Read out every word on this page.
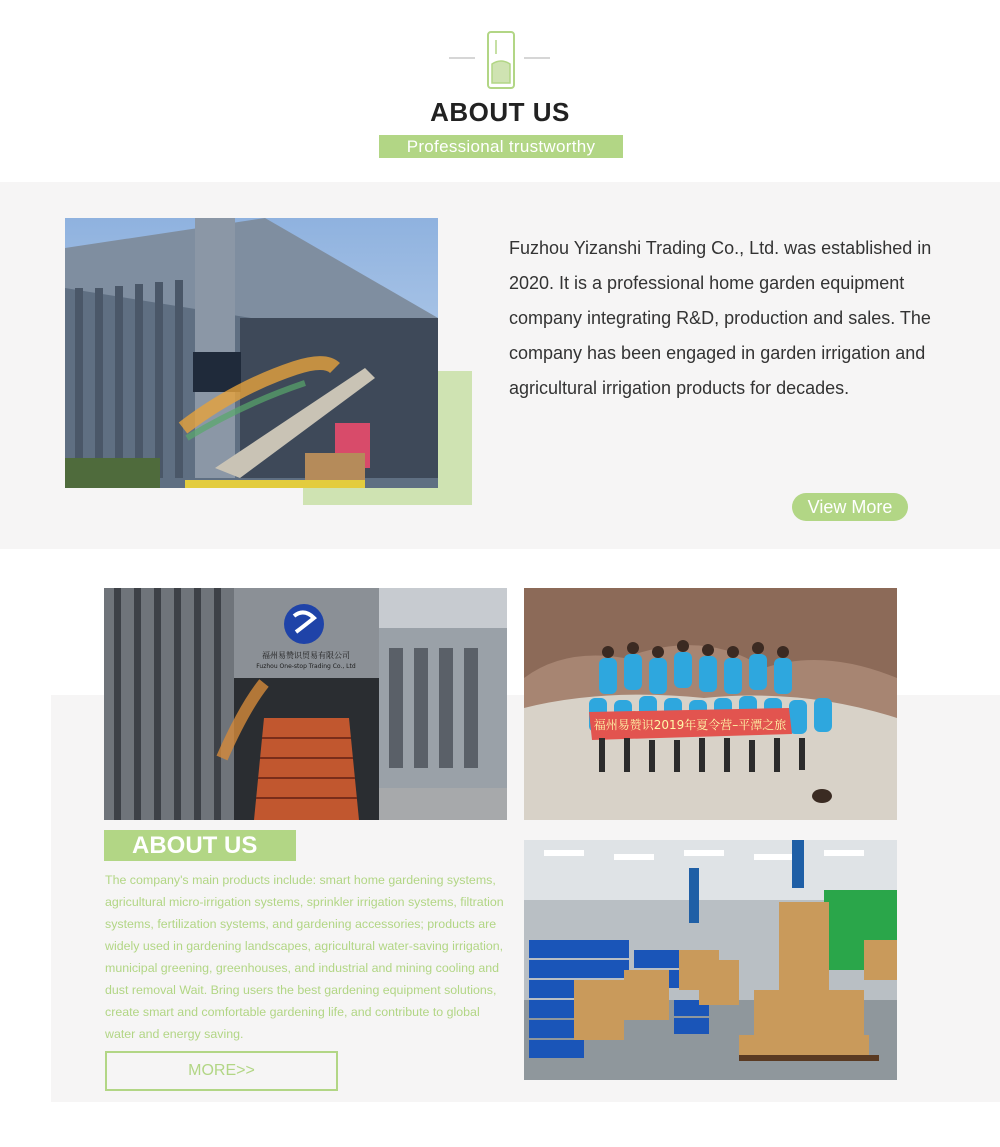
ABOUT US
Professional trustworthy
Fuzhou Yizanshi Trading Co., Ltd. was established in 2020. It is a professional home garden equipment company integrating R&D, production and sales. The company has been engaged in garden irrigation and agricultural irrigation products for decades.
View More
福州易赞识贸易有限公司
Fuzhou One-stop Trading Co., Ltd
福州易赞识2019年夏令营–平潭之旅
ABOUT US
The company's main products include: smart home gardening systems, agricultural micro-irrigation systems, sprinkler irrigation systems, filtration systems, fertilization systems, and gardening accessories; products are widely used in gardening landscapes, agricultural water-saving irrigation, municipal greening, greenhouses, and industrial and mining cooling and dust removal Wait. Bring users the best gardening equipment solutions, create smart and comfortable gardening life, and contribute to global water and energy saving.
MORE>>
